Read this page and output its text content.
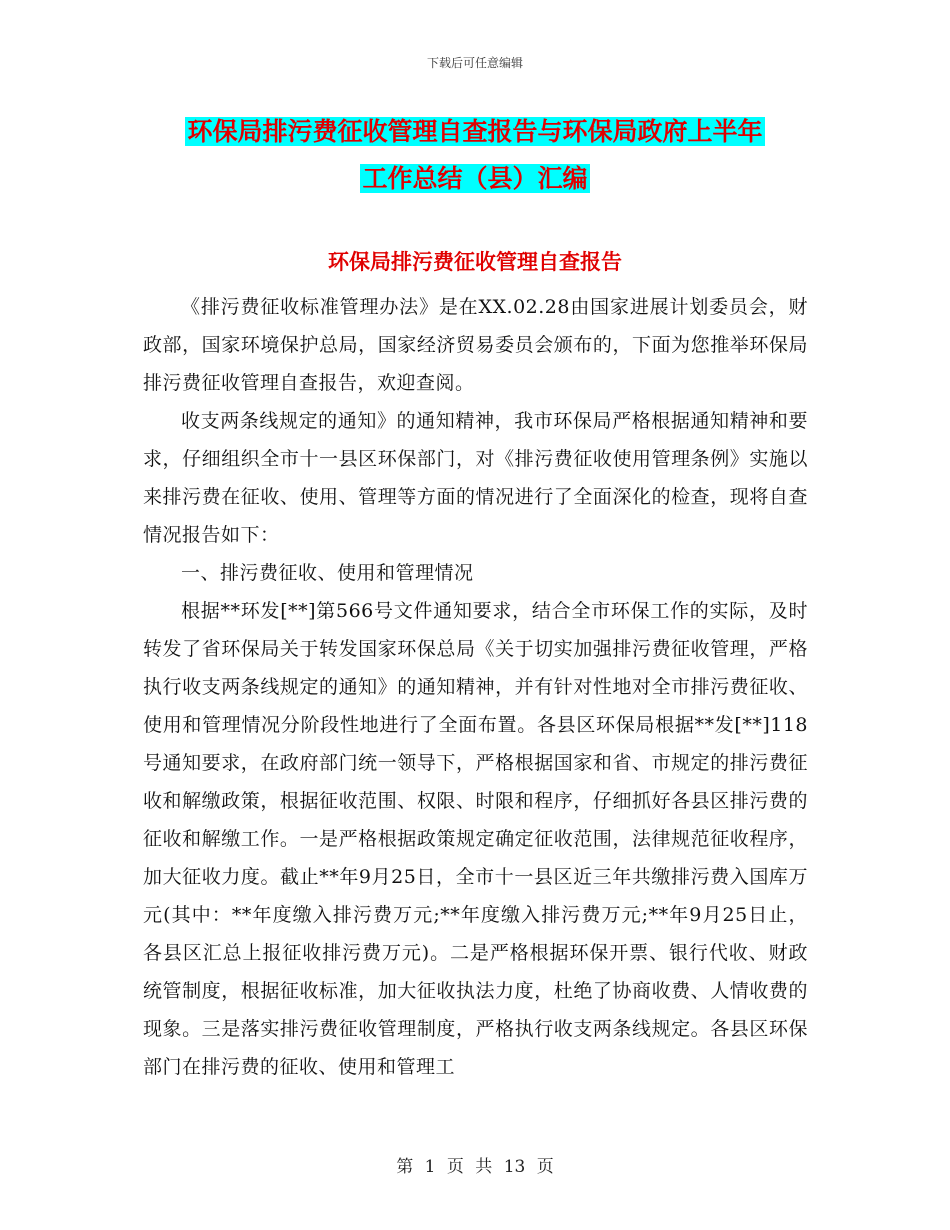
下载后可任意编辑
环保局排污费征收管理自查报告与环保局政府上半年
工作总结（县）汇编
环保局排污费征收管理自查报告

《排污费征收标准管理办法》是在XX.02.28由国家进展计划委员会，财政部，国家环境保护总局，国家经济贸易委员会颁布的，下面为您推举环保局排污费征收管理自查报告，欢迎查阅。

收支两条线规定的通知》的通知精神，我市环保局严格根据通知精神和要求，仔细组织全市十一县区环保部门，对《排污费征收使用管理条例》实施以来排污费在征收、使用、管理等方面的情况进行了全面深化的检查，现将自查情况报告如下：

一、排污费征收、使用和管理情况

根据**环发[**]第566号文件通知要求，结合全市环保工作的实际，及时转发了省环保局关于转发国家环保总局《关于切实加强排污费征收管理，严格执行收支两条线规定的通知》的通知精神，并有针对性地对全市排污费征收、使用和管理情况分阶段性地进行了全面布置。各县区环保局根据**发[**]118号通知要求，在政府部门统一领导下，严格根据国家和省、市规定的排污费征收和解缴政策，根据征收范围、权限、时限和程序，仔细抓好各县区排污费的征收和解缴工作。一是严格根据政策规定确定征收范围，法律规范征收程序，加大征收力度。截止**年9月25日，全市十一县区近三年共缴排污费入国库万元(其中：**年度缴入排污费万元;**年度缴入排污费万元;**年9月25日止，各县区汇总上报征收排污费万元)。二是严格根据环保开票、银行代收、财政统管制度，根据征收标准，加大征收执法力度，杜绝了协商收费、人情收费的现象。三是落实排污费征收管理制度，严格执行收支两条线规定。各县区环保部门在排污费的征收、使用和管理工

第 1 页 共 13 页
